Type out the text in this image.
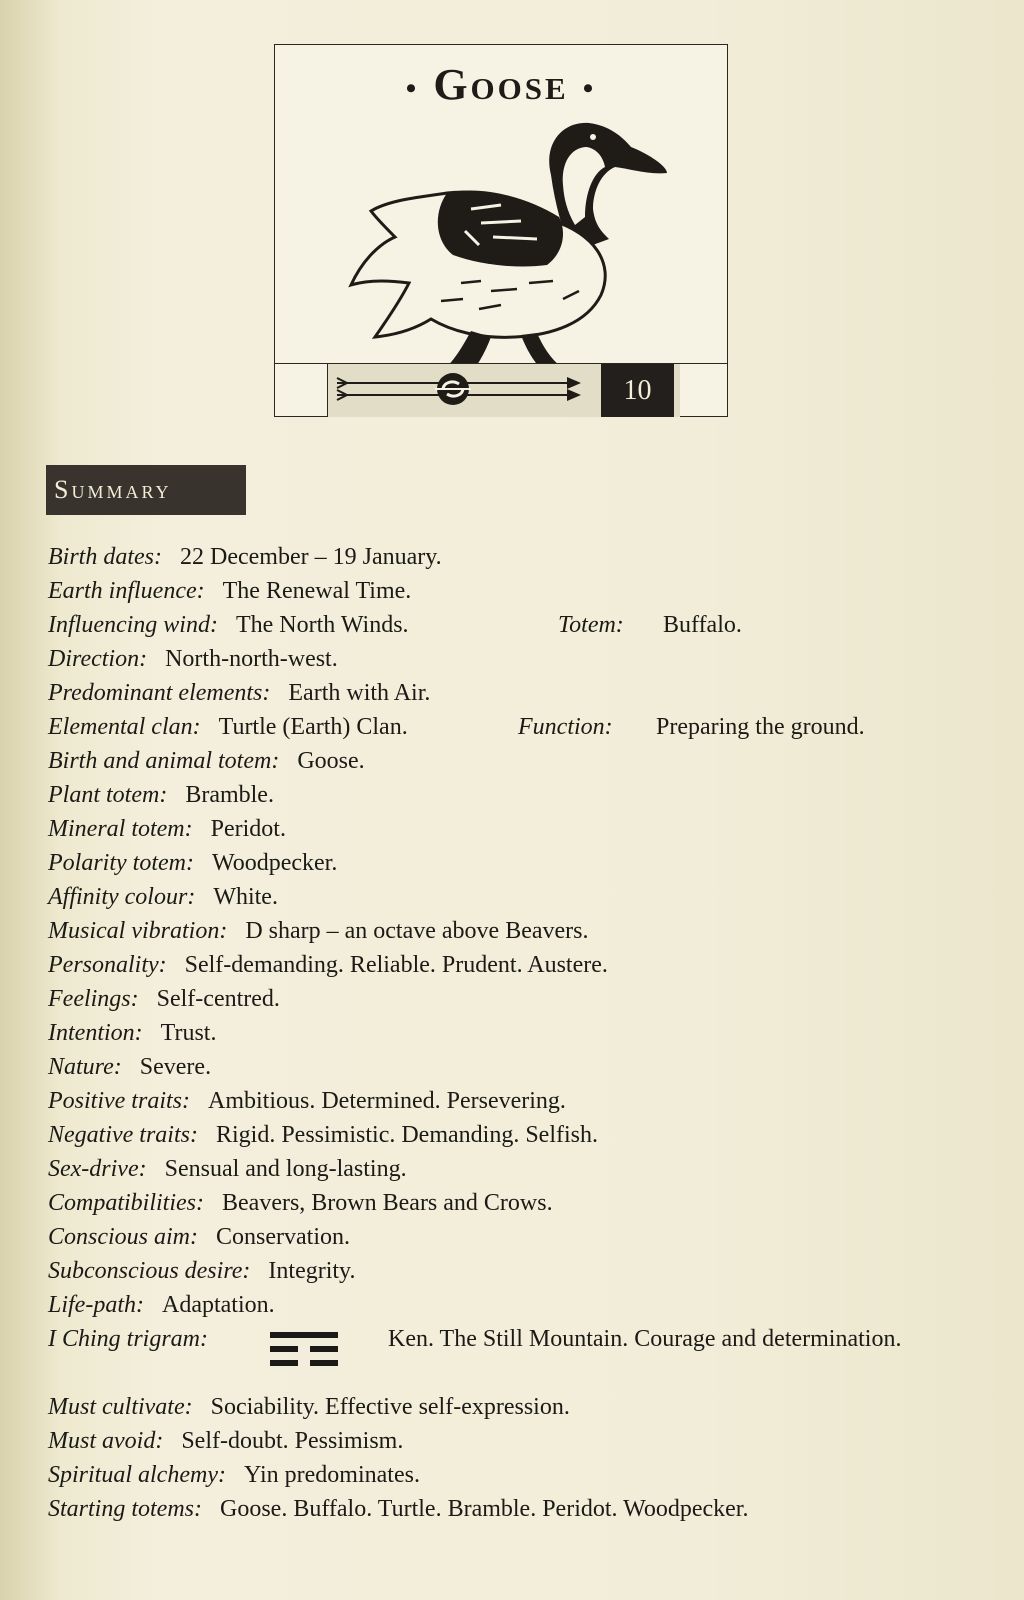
• Goose •
10
Summary
Birth dates: 22 December – 19 January.
Earth influence: The Renewal Time.
Influencing wind: The North Winds.	Totem: Buffalo.
Direction: North-north-west.
Predominant elements: Earth with Air.
Elemental clan: Turtle (Earth) Clan.	Function: Preparing the ground.
Birth and animal totem: Goose.
Plant totem: Bramble.
Mineral totem: Peridot.
Polarity totem: Woodpecker.
Affinity colour: White.
Musical vibration: D sharp – an octave above Beavers.
Personality: Self-demanding. Reliable. Prudent. Austere.
Feelings: Self-centred.
Intention: Trust.
Nature: Severe.
Positive traits: Ambitious. Determined. Persevering.
Negative traits: Rigid. Pessimistic. Demanding. Selfish.
Sex-drive: Sensual and long-lasting.
Compatibilities: Beavers, Brown Bears and Crows.
Conscious aim: Conservation.
Subconscious desire: Integrity.
Life-path: Adaptation.
I Ching trigram:	Ken. The Still Mountain. Courage and determination.
Must cultivate: Sociability. Effective self-expression.
Must avoid: Self-doubt. Pessimism.
Spiritual alchemy: Yin predominates.
Starting totems: Goose. Buffalo. Turtle. Bramble. Peridot. Woodpecker.
